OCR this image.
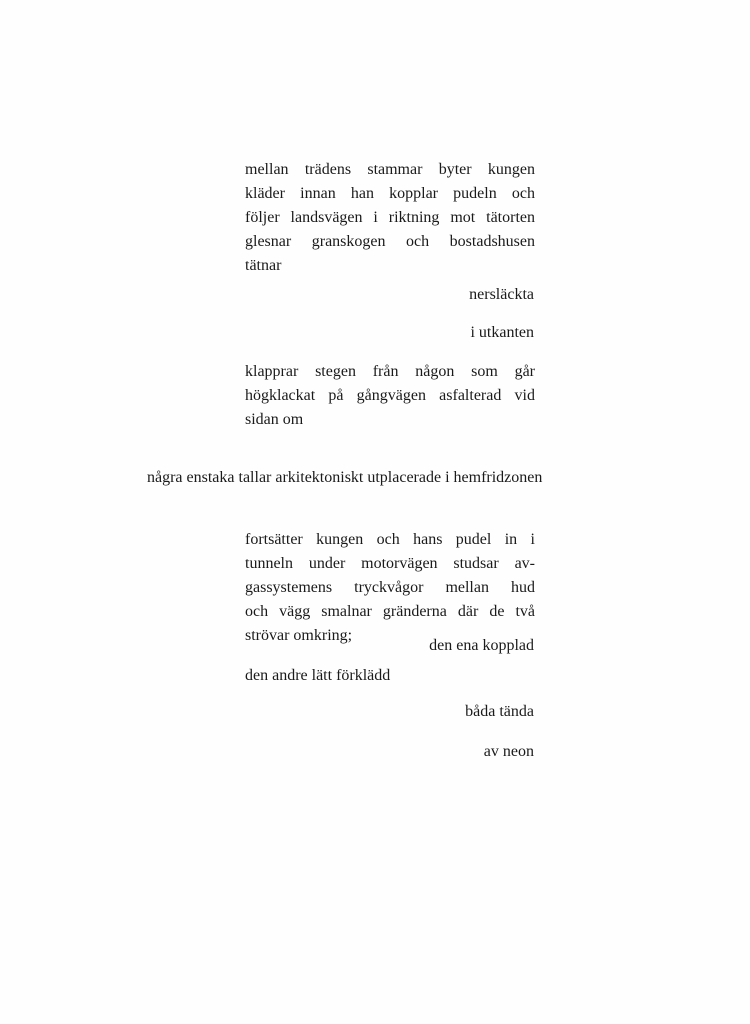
mellan trädens stammar byter kungen
kläder innan han kopplar pudeln och
följer landsvägen i riktning mot tätorten
glesnar granskogen och bostadshusen
tätnar
nersläckta
i utkanten
klapprar stegen från någon som går
högklackat på gångvägen asfalterad vid
sidan om
några enstaka tallar arkitektoniskt utplacerade i hemfridzonen
fortsätter kungen och hans pudel in i
tunneln under motorvägen studsar av-
gassystemens tryckvågor mellan hud
och vägg smalnar gränderna där de två
strövar omkring;
den ena kopplad
den andre lätt förklädd
båda tända
av neon
